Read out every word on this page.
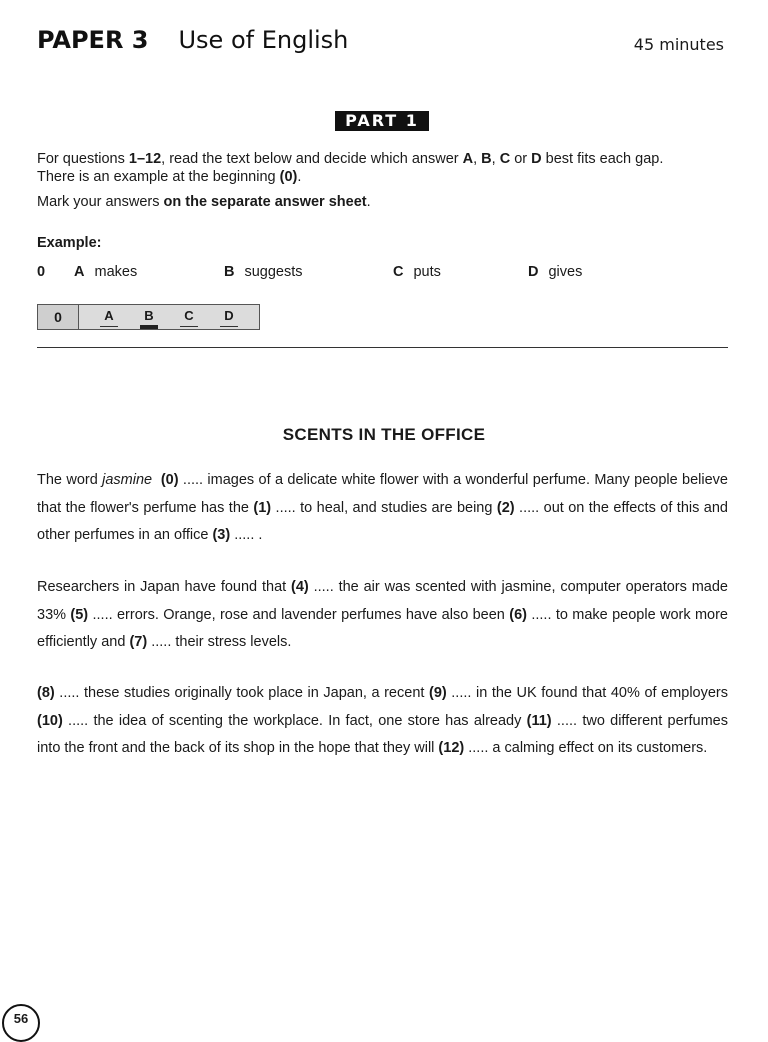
PAPER 3 Use of English	45 minutes
PART 1
For questions 1–12, read the text below and decide which answer A, B, C or D best fits each gap.
There is an example at the beginning (0).
Mark your answers on the separate answer sheet.
Example:
0	A makes	B suggests	C puts	D gives
0	A B C D
SCENTS IN THE OFFICE
The word jasmine (0) ..... images of a delicate white flower with a wonderful perfume. Many people believe that the flower's perfume has the (1) ..... to heal, and studies are being (2) ..... out on the effects of this and other perfumes in an office (3) ..... .
Researchers in Japan have found that (4) ..... the air was scented with jasmine, computer operators made 33% (5) ..... errors. Orange, rose and lavender perfumes have also been (6) ..... to make people work more efficiently and (7) ..... their stress levels.
(8) ..... these studies originally took place in Japan, a recent (9) ..... in the UK found that 40% of employers (10) ..... the idea of scenting the workplace. In fact, one store has already (11) ..... two different perfumes into the front and the back of its shop in the hope that they will (12) ..... a calming effect on its customers.
56
